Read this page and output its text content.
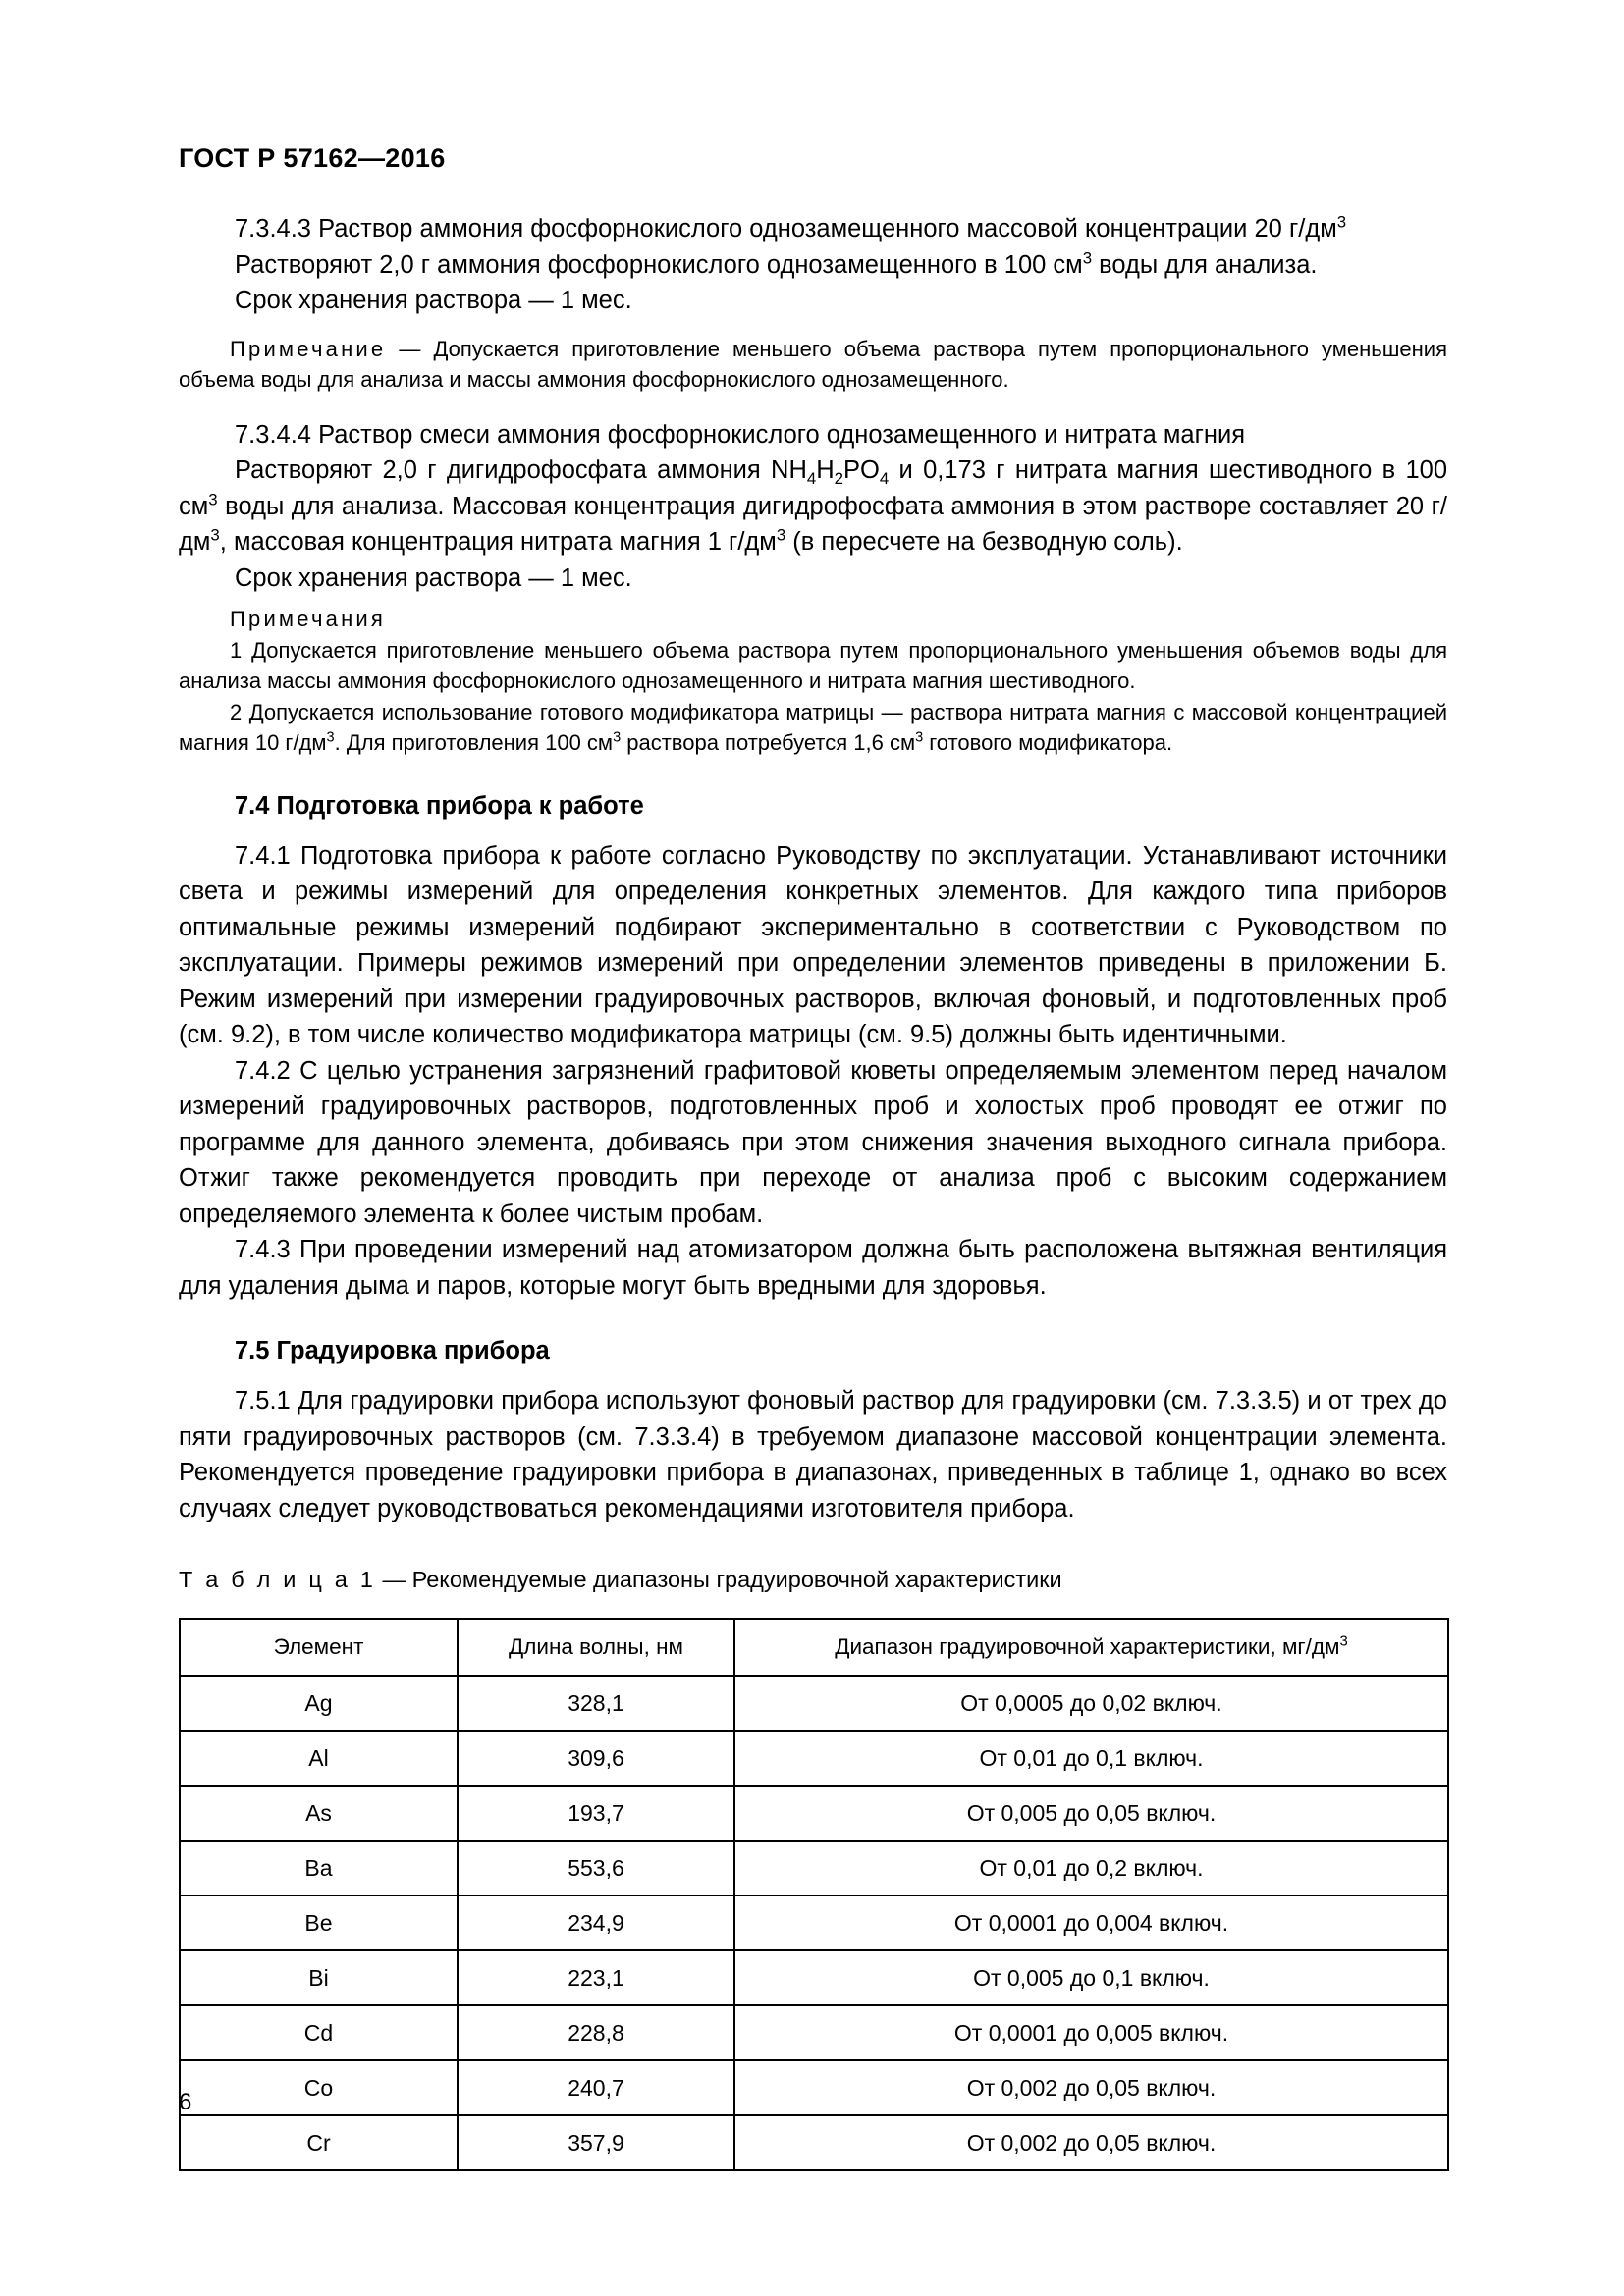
ГОСТ Р 57162—2016

7.3.4.3 Раствор аммония фосфорнокислого однозамещенного массовой концентрации 20 $г/дм^3$

Растворяют 2,0 г аммония фосфорнокислого однозамещенного в 100 $см^3$ воды для анализа.

Срок хранения раствора — 1 мес.

Примечание — Допускается приготовление меньшего объема раствора путем пропорционального уменьшения объема воды для анализа и массы аммония фосфорнокислого однозамещенного.

7.3.4.4 Раствор смеси аммония фосфорнокислого однозамещенного и нитрата магния

Растворяют 2,0 г дигидрофосфата аммония $NH_4H_2PO_4$ и 0,173 г нитрата магния шестиводного в 100 $см^3$ воды для анализа. Массовая концентрация дигидрофосфата аммония в этом растворе составляет 20 $г/дм^3$, массовая концентрация нитрата магния 1 $г/дм^3$ (в пересчете на безводную соль).

Срок хранения раствора — 1 мес.

Примечания

1 Допускается приготовление меньшего объема раствора путем пропорционального уменьшения объемов воды для анализа массы аммония фосфорнокислого однозамещенного и нитрата магния шестиводного.

2 Допускается использование готового модификатора матрицы — раствора нитрата магния с массовой концентрацией магния 10 $г/дм^3$. Для приготовления 100 $см^3$ раствора потребуется 1,6 $см^3$ готового модификатора.

7.4 Подготовка прибора к работе

7.4.1 Подготовка прибора к работе согласно Руководству по эксплуатации. Устанавливают источники света и режимы измерений для определения конкретных элементов. Для каждого типа приборов оптимальные режимы измерений подбирают экспериментально в соответствии с Руководством по эксплуатации. Примеры режимов измерений при определении элементов приведены в приложении Б. Режим измерений при измерении градуировочных растворов, включая фоновый, и подготовленных проб (см. 9.2), в том числе количество модификатора матрицы (см. 9.5) должны быть идентичными.

7.4.2 С целью устранения загрязнений графитовой кюветы определяемым элементом перед началом измерений градуировочных растворов, подготовленных проб и холостых проб проводят ее отжиг по программе для данного элемента, добиваясь при этом снижения значения выходного сигнала прибора. Отжиг также рекомендуется проводить при переходе от анализа проб с высоким содержанием определяемого элемента к более чистым пробам.

7.4.3 При проведении измерений над атомизатором должна быть расположена вытяжная вентиляция для удаления дыма и паров, которые могут быть вредными для здоровья.

7.5 Градуировка прибора

7.5.1 Для градуировки прибора используют фоновый раствор для градуировки (см. 7.3.3.5) и от трех до пяти градуировочных растворов (см. 7.3.3.4) в требуемом диапазоне массовой концентрации элемента. Рекомендуется проведение градуировки прибора в диапазонах, приведенных в таблице 1, однако во всех случаях следует руководствоваться рекомендациями изготовителя прибора.

Т а б л и ц а 1 — Рекомендуемые диапазоны градуировочной характеристики

Элемент	Длина волны, нм	Диапазон градуировочной характеристики, $мг/дм^3$
Ag	328,1	От 0,0005 до 0,02 включ.
Al	309,6	От 0,01 до 0,1 включ.
As	193,7	От 0,005 до 0,05 включ.
Ba	553,6	От 0,01 до 0,2 включ.
Be	234,9	От 0,0001 до 0,004 включ.
Bi	223,1	От 0,005 до 0,1 включ.
Cd	228,8	От 0,0001 до 0,005 включ.
Co	240,7	От 0,002 до 0,05 включ.
Cr	357,9	От 0,002 до 0,05 включ.
6
